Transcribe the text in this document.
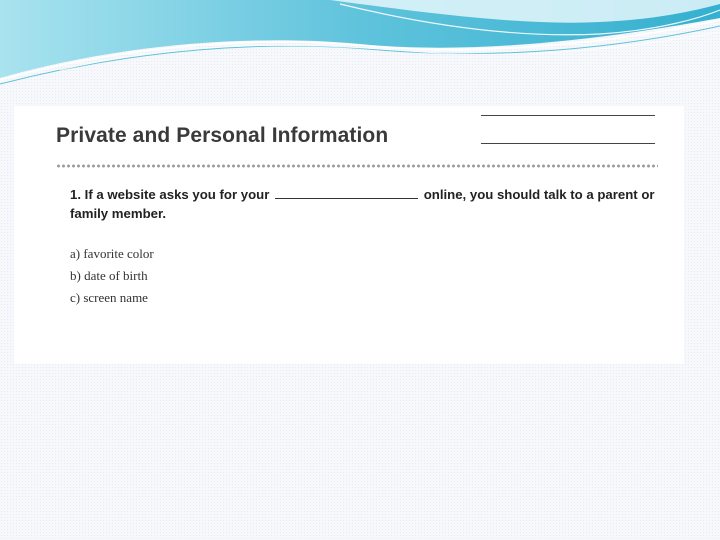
Private and Personal Information

1. If a website asks you for your	online, you should talk to a parent or family member.

a) favorite color
b) date of birth
c) screen name
